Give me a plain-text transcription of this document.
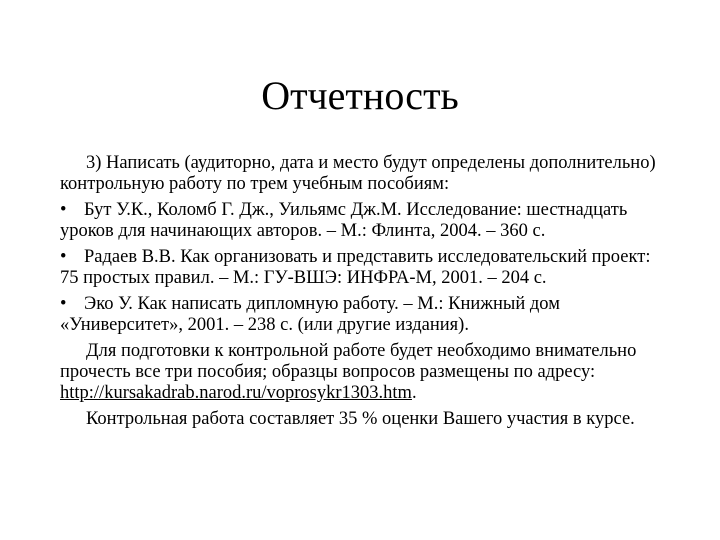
Отчетность

3) Написать (аудиторно, дата и место будут определены дополнительно) контрольную работу по трем учебным пособиям:

• Бут У.К., Коломб Г. Дж., Уильямс Дж.М. Исследование: шестнадцать уроков для начинающих авторов. – М.: Флинта, 2004. – 360 с.
• Радаев В.В. Как организовать и представить исследовательский проект: 75 простых правил. – М.: ГУ-ВШЭ: ИНФРА-М, 2001. – 204 с.
• Эко У. Как написать дипломную работу. – М.: Книжный дом «Университет», 2001. – 238 с. (или другие издания).

Для подготовки к контрольной работе будет необходимо внимательно прочесть все три пособия; образцы вопросов размещены по адресу: http://kursakadrab.narod.ru/voprosykr1303.htm.

Контрольная работа составляет 35 % оценки Вашего участия в курсе.
